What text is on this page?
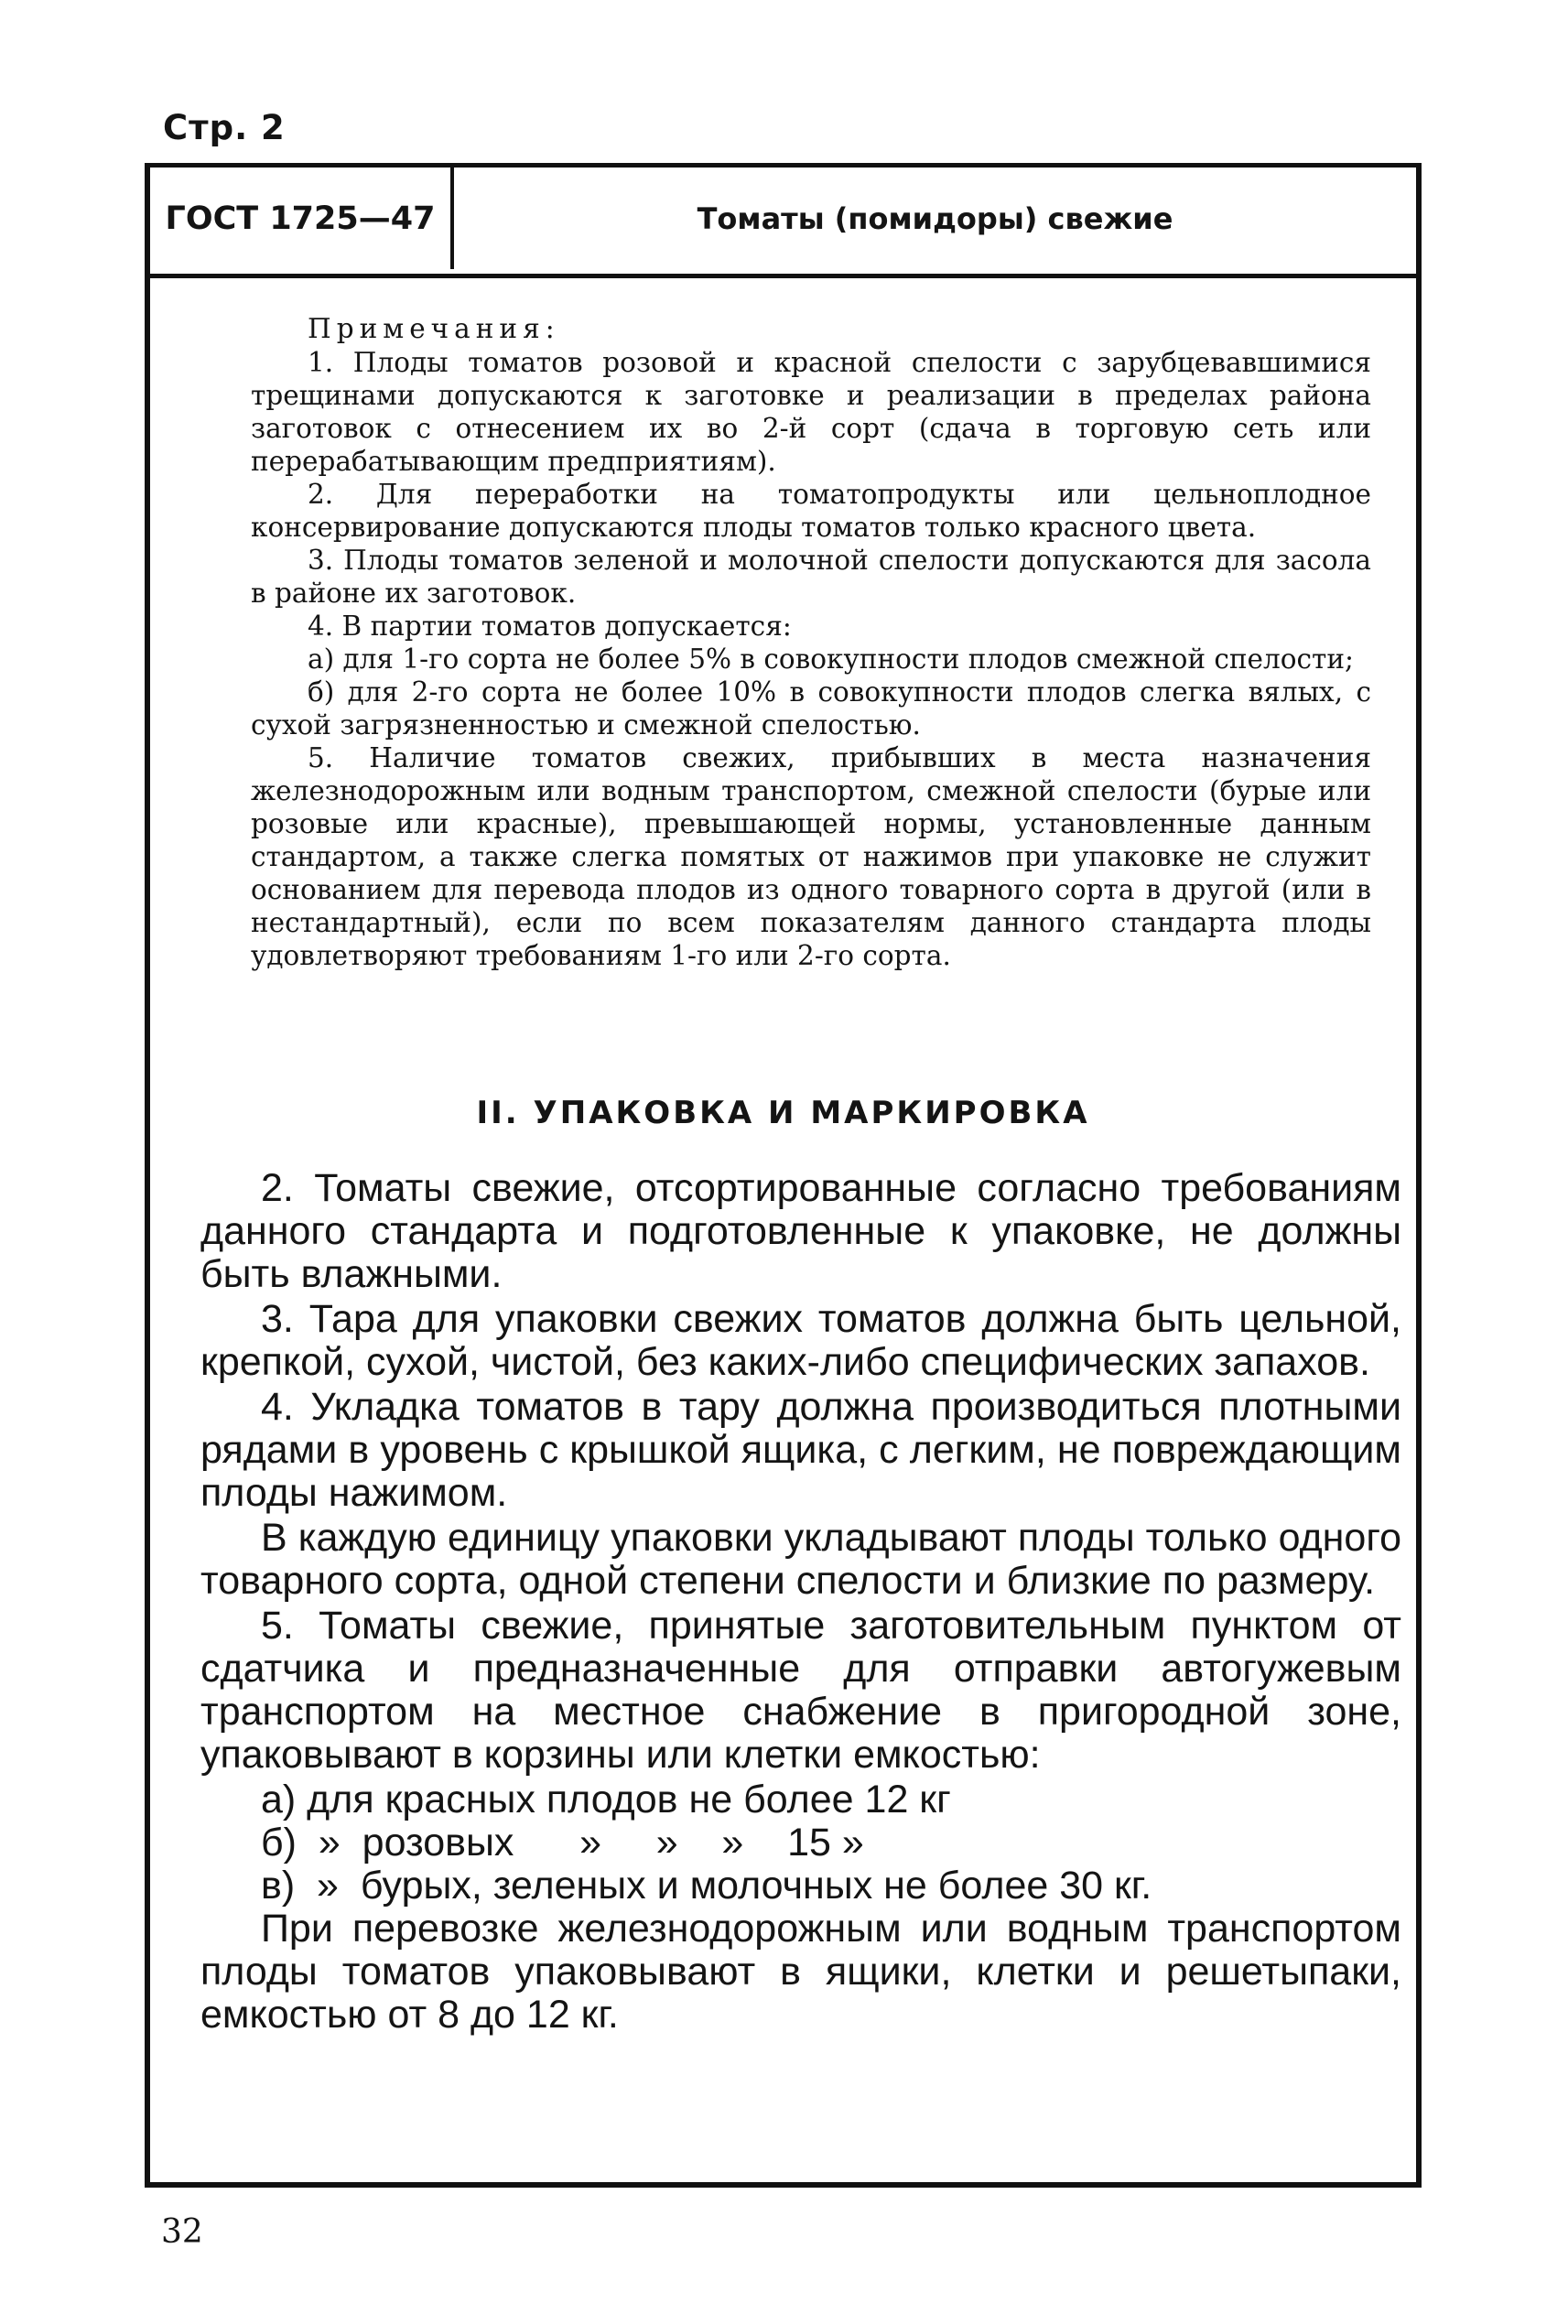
Стр. 2
ГОСТ 1725—47	Томаты (помидоры) свежие
Примечания:

1. Плоды томатов розовой и красной спелости с зарубцевавшимися трещинами допускаются к заготовке и реализации в пределах района заготовок с отнесением их во 2-й сорт (сдача в торговую сеть или перерабатывающим предприятиям).

2. Для переработки на томатопродукты или цельноплодное консервирование допускаются плоды томатов только красного цвета.

3. Плоды томатов зеленой и молочной спелости допускаются для засола в районе их заготовок.

4. В партии томатов допускается:

а) для 1-го сорта не более 5% в совокупности плодов смежной спелости;

б) для 2-го сорта не более 10% в совокупности плодов слегка вялых, с сухой загрязненностью и смежной спелостью.

5. Наличие томатов свежих, прибывших в места назначения железнодорожным или водным транспортом, смежной спелости (бурые или розовые или красные), превышающей нормы, установленные данным стандартом, а также слегка помятых от нажимов при упаковке не служит основанием для перевода плодов из одного товарного сорта в другой (или в нестандартный), если по всем показателям данного стандарта плоды удовлетворяют требованиям 1-го или 2-го сорта.

II. УПАКОВКА И МАРКИРОВКА

2. Томаты свежие, отсортированные согласно требованиям данного стандарта и подготовленные к упаковке, не должны быть влажными.

3. Тара для упаковки свежих томатов должна быть цельной, крепкой, сухой, чистой, без каких-либо специфических запахов.

4. Укладка томатов в тару должна производиться плотными рядами в уровень с крышкой ящика, с легким, не повреждающим плоды нажимом.

В каждую единицу упаковки укладывают плоды только одного товарного сорта, одной степени спелости и близкие по размеру.

5. Томаты свежие, принятые заготовительным пунктом от сдатчика и предназначенные для отправки автогужевым транспортом на местное снабжение в пригородной зоне, упаковывают в корзины или клетки емкостью:

а) для красных плодов не более 12 кг
б)  »  розовых      »     »    »    15 »
в)  »  бурых, зеленых и молочных не более 30 кг.

При перевозке железнодорожным или водным транспортом плоды томатов упаковывают в ящики, клетки и решетыпаки, емкостью от 8 до 12 кг.

32
